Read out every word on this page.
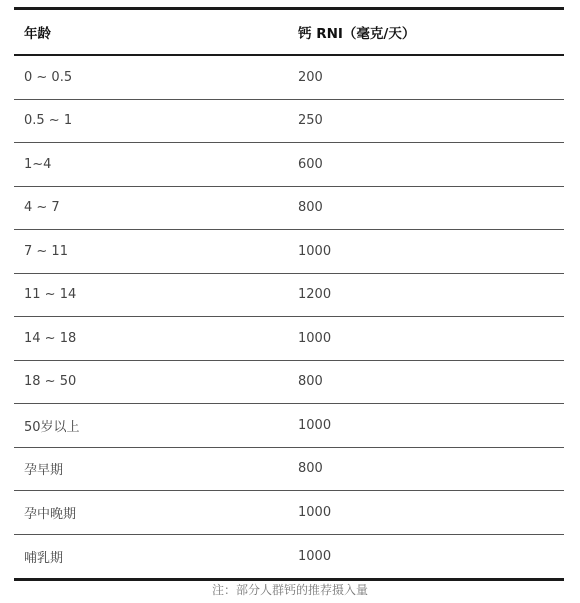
年龄	钙 RNI（毫克/天）
0 ~ 0.5	200
0.5 ~ 1	250
1~4	600
4 ~ 7	800
7 ~ 11	1000
11 ~ 14	1200
14 ~ 18	1000
18 ~ 50	800
50岁以上	1000
孕早期	800
孕中晚期	1000
哺乳期	1000
注：部分人群钙的推荐摄入量
